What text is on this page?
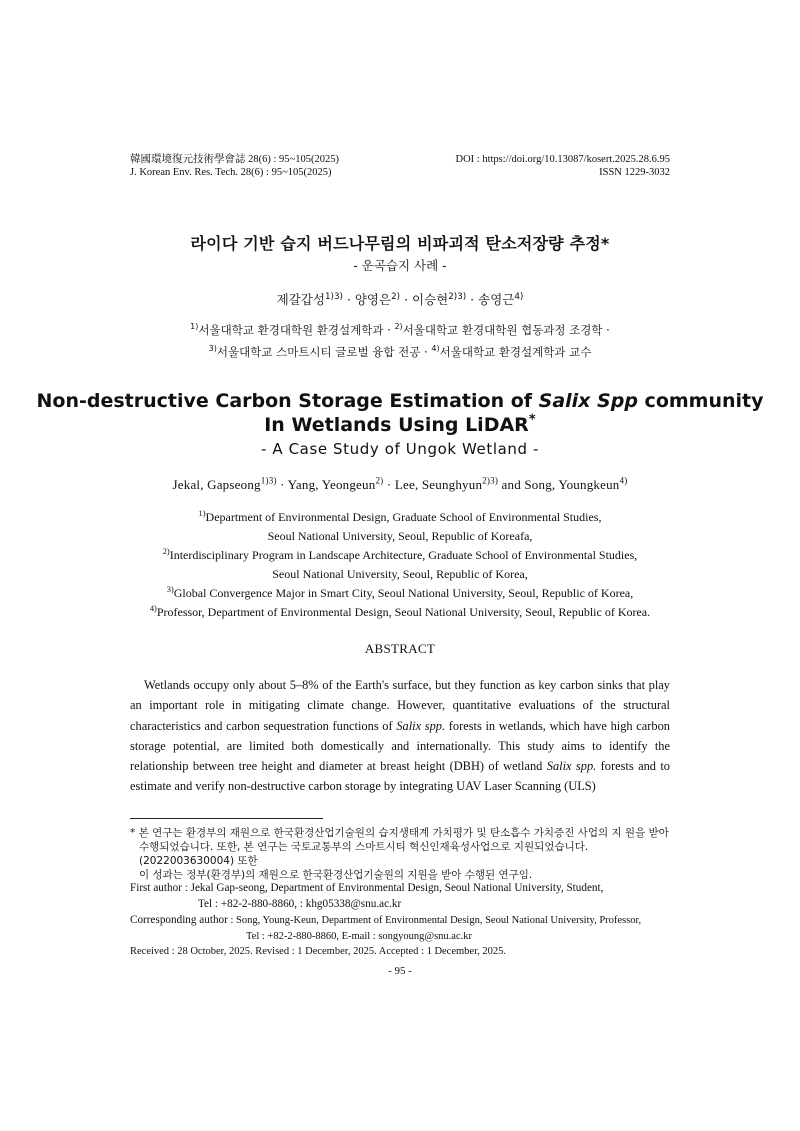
韓國環境復元技術學會誌 28(6) : 95~105(2025)
J. Korean Env. Res. Tech. 28(6) : 95~105(2025)
DOI : https://doi.org/10.13087/kosert.2025.28.6.95
ISSN 1229-3032
라이다 기반 습지 버드나무림의 비파괴적 탄소저장량 추정*
- 운곡습지 사례 -
제갈갑성$^{1)3)}$ · 양영은$^{2)}$ · 이승현$^{2)3)}$ · 송영근$^{4)}$
$^{1)}$서울대학교 환경대학원 환경설계학과 · $^{2)}$서울대학교 환경대학원 협동과정 조경학 ·
$^{3)}$서울대학교 스마트시티 글로벌 융합 전공 · $^{4)}$서울대학교 환경설계학과 교수
Non-destructive Carbon Storage Estimation of Salix Spp community
In Wetlands Using LiDAR*
- A Case Study of Ungok Wetland -
Jekal, Gapseong$^{1)3)}$ · Yang, Yeongeun$^{2)}$ · Lee, Seunghyun$^{2)3)}$ and Song, Youngkeun$^{4)}$
$^{1)}$Department of Environmental Design, Graduate School of Environmental Studies,
Seoul National University, Seoul, Republic of Koreafa,
$^{2)}$Interdisciplinary Program in Landscape Architecture, Graduate School of Environmental Studies,
Seoul National University, Seoul, Republic of Korea,
$^{3)}$Global Convergence Major in Smart City, Seoul National University, Seoul, Republic of Korea,
$^{4)}$Professor, Department of Environmental Design, Seoul National University, Seoul, Republic of Korea.
ABSTRACT

Wetlands occupy only about 5–8% of the Earth's surface, but they function as key carbon sinks that play an important role in mitigating climate change. However, quantitative evaluations of the structural characteristics and carbon sequestration functions of Salix spp. forests in wetlands, which have high carbon storage potential, are limited both domestically and internationally. This study aims to identify the relationship between tree height and diameter at breast height (DBH) of wetland Salix spp. forests and to estimate and verify non-destructive carbon storage by integrating UAV Laser Scanning (ULS)

* 본 연구는 환경부의 재원으로 한국환경산업기술원의 습지생태계 가치평가 및 탄소흡수 가치증진 사업의 지 원을 받아
수행되었습니다. 또한, 본 연구는 국토교통부의 스마트시티 혁신인재육성사업으로 지원되었습니다. (2022003630004) 또한
이 성과는 정부(환경부)의 재원으로 한국환경산업기술원의 지원을 받아 수행된 연구임.
First author : Jekal Gap-seong, Department of Environmental Design, Seoul National University, Student,
Tel : +82-2-880-8860, : khg05338@snu.ac.kr
Corresponding author : Song, Young-Keun, Department of Environmental Design, Seoul National University, Professor,
Tel : +82-2-880-8860, E-mail : songyoung@snu.ac.kr
Received : 28 October, 2025. Revised : 1 December, 2025. Accepted : 1 December, 2025.
- 95 -
